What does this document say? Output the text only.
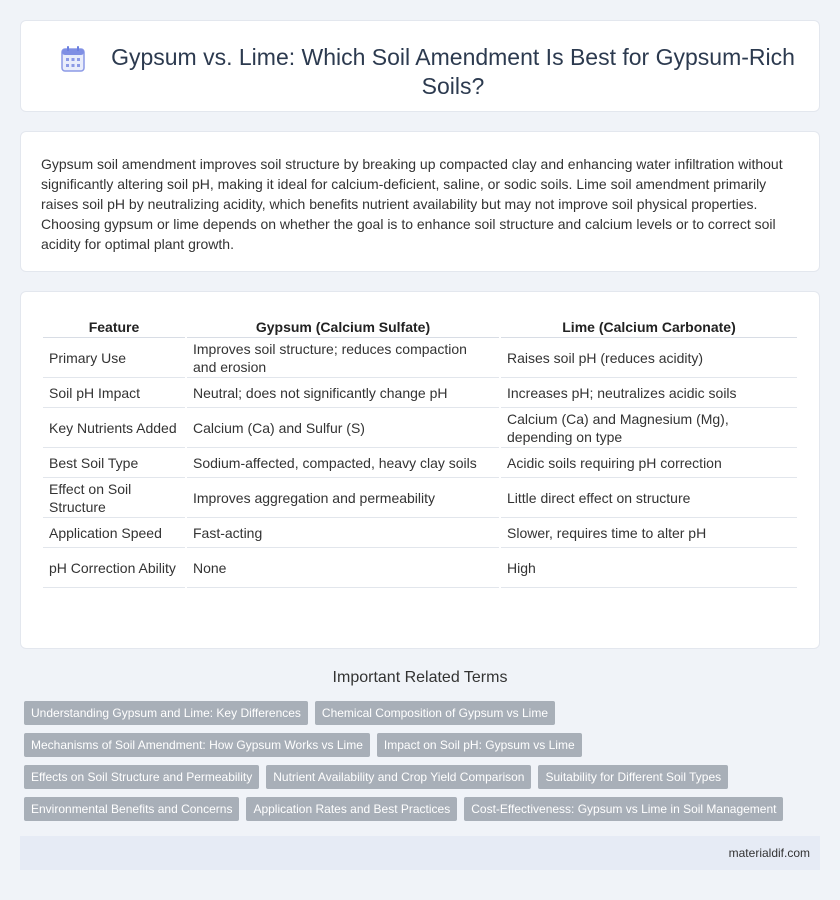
Gypsum vs. Lime: Which Soil Amendment Is Best for Gypsum-Rich Soils?

Gypsum soil amendment improves soil structure by breaking up compacted clay and enhancing water infiltration without significantly altering soil pH, making it ideal for calcium-deficient, saline, or sodic soils. Lime soil amendment primarily raises soil pH by neutralizing acidity, which benefits nutrient availability but may not improve soil physical properties. Choosing gypsum or lime depends on whether the goal is to enhance soil structure and calcium levels or to correct soil acidity for optimal plant growth.

Feature	Gypsum (Calcium Sulfate)	Lime (Calcium Carbonate)
Primary Use	Improves soil structure; reduces compaction and erosion	Raises soil pH (reduces acidity)
Soil pH Impact	Neutral; does not significantly change pH	Increases pH; neutralizes acidic soils
Key Nutrients Added	Calcium (Ca) and Sulfur (S)	Calcium (Ca) and Magnesium (Mg), depending on type
Best Soil Type	Sodium-affected, compacted, heavy clay soils	Acidic soils requiring pH correction
Effect on Soil Structure	Improves aggregation and permeability	Little direct effect on structure
Application Speed	Fast-acting	Slower, requires time to alter pH
pH Correction Ability	None	High
Important Related Terms
Understanding Gypsum and Lime: Key Differences	Chemical Composition of Gypsum vs Lime
Mechanisms of Soil Amendment: How Gypsum Works vs Lime	Impact on Soil pH: Gypsum vs Lime
Effects on Soil Structure and Permeability	Nutrient Availability and Crop Yield Comparison	Suitability for Different Soil Types
Environmental Benefits and Concerns	Application Rates and Best Practices	Cost-Effectiveness: Gypsum vs Lime in Soil Management
materialdif.com
